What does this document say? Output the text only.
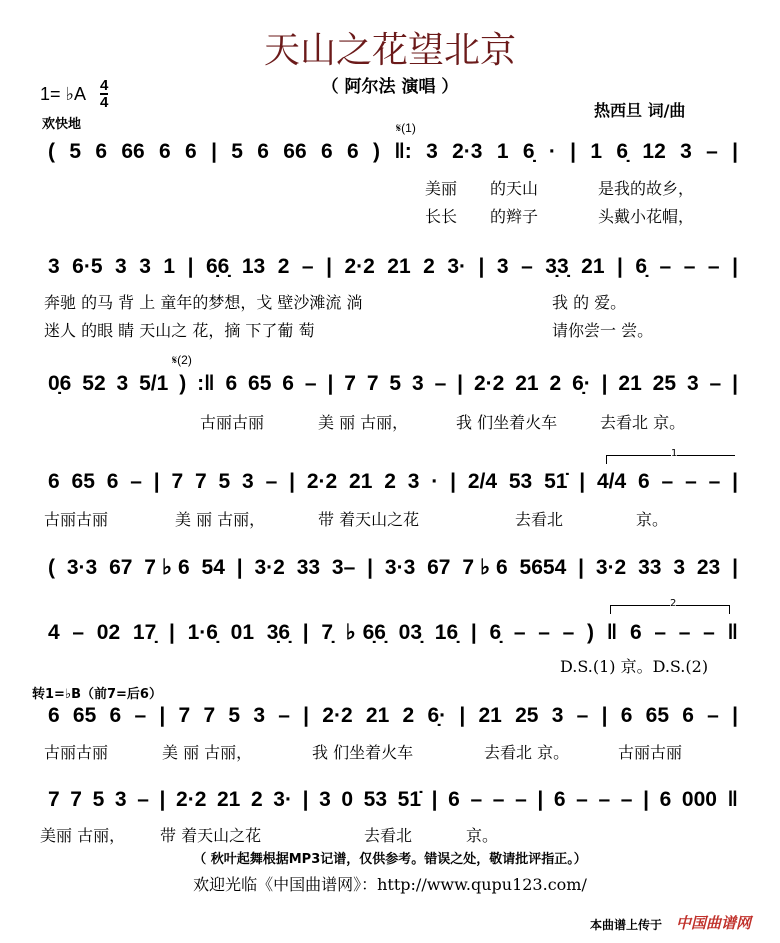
天山之花望北京
（ 阿尔法 演唱 ）
1= ♭A 4
4
欢快地
热西旦 词/曲
𝄋(1)
( 5 6 66 6 6 | 5 6 66 6 6 ) ‖: 3 2·3 1 6̣ · | 1 6̣ 12 3 – |
美丽 的天山	是我的故乡，
长长 的辫子	头戴小花帽，
3 6·5 3 3 1 | 6̣6̣ 13 2 – | 2·2 21 2 3· | 3 – 3̣3̣ 21 | 6̣ – – – |
奔驰 的马 背 上 童年的梦想，戈 壁沙滩流 淌	我 的 爱。
迷人 的眼 睛 天山之 花，摘 下了葡 萄	请你尝一 尝。
𝄋(2)
0̣6 52 3 5/1 ) :‖ 6 65 6 – | 7 7 5 3 – | 2·2 21 2 6̣· | 21 25 3 – |
古丽古丽	美 丽 古丽，	我 们坐着火车	去看北 京。
1
6 65 6 – | 7 7 5 3 – | 2·2 21 2 3 · | 2/4 53 51̇ | 4/4 6 – – – |
古丽古丽	美 丽 古丽，	带 着天山之花	去看北	京。
( 3·3 67 7♭6 54 | 3·2 33 3– | 3·3 67 7♭6 5654 | 3·2 33 3 23 |
2
4 – 02 17̣ | 1·6̣ 01 3̣6̣ | 7̣ ♭6̣6̣ 03̣ 16̣ | 6̣ – – – ) ‖ 6 – – – ‖
D.S.(1) 京。D.S.(2)
转1=♭B（前7=后6）
6 65 6 – | 7 7 5 3 – | 2·2 21 2 6̣· | 21 25 3 – | 6 65 6 – |
古丽古丽	美 丽 古丽，	我 们坐着火车	去看北 京。	古丽古丽
7 7 5 3 – | 2·2 21 2 3· | 3 0 53 51̇ | 6 – – – | 6 – – – | 6 000 ‖
美丽 古丽， 带 着天山之花	去看北	京。
（ 秋叶起舞根据MP3记谱，仅供参考。错误之处，敬请批评指正。）
欢迎光临《中国曲谱网》：http://www.qupu123.com/
本曲谱上传于 中国曲谱网
